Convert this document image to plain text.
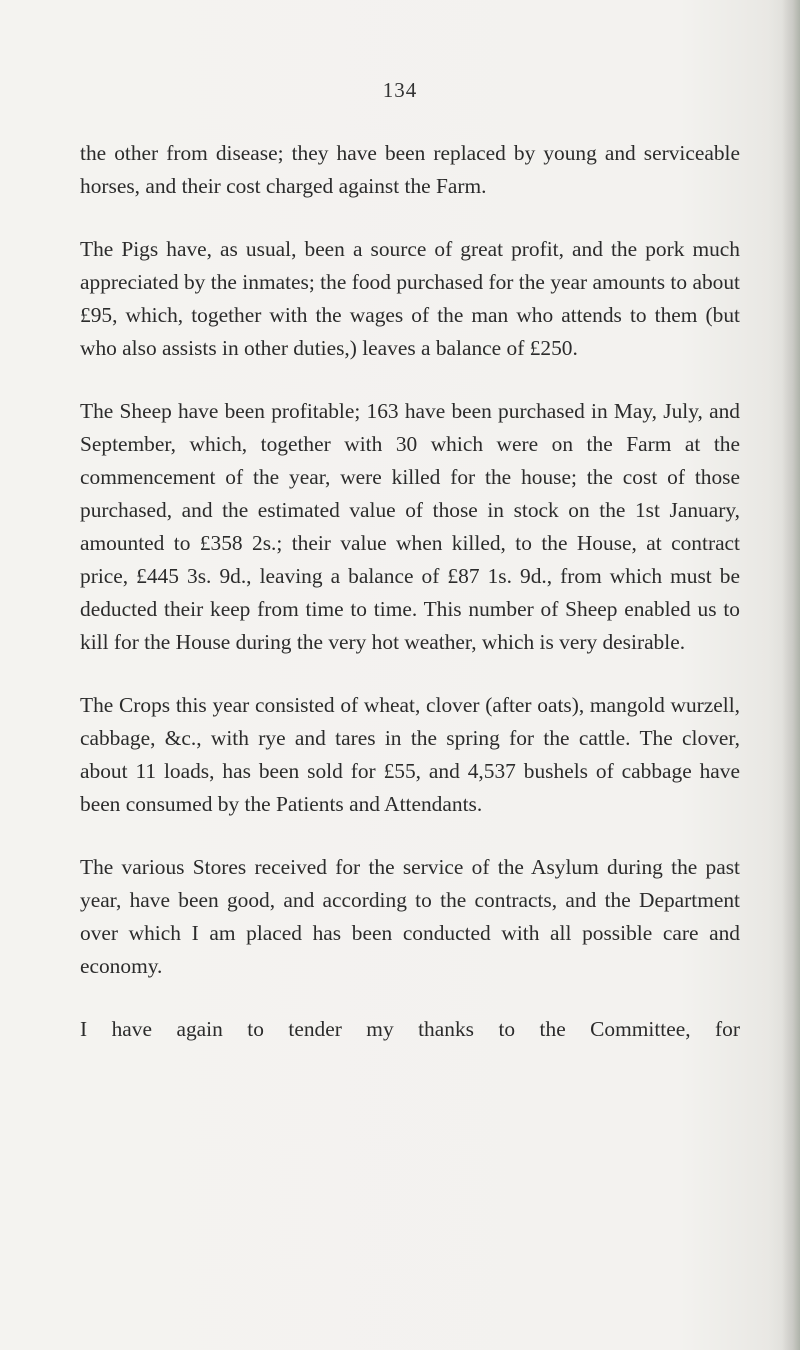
134

the other from disease; they have been replaced by young and serviceable horses, and their cost charged against the Farm.

The Pigs have, as usual, been a source of great profit, and the pork much appreciated by the inmates; the food purchased for the year amounts to about £95, which, together with the wages of the man who attends to them (but who also assists in other duties,) leaves a balance of £250.

The Sheep have been profitable; 163 have been purchased in May, July, and September, which, together with 30 which were on the Farm at the commencement of the year, were killed for the house; the cost of those purchased, and the estimated value of those in stock on the 1st January, amounted to £358 2s.; their value when killed, to the House, at contract price, £445 3s. 9d., leaving a balance of £87 1s. 9d., from which must be deducted their keep from time to time. This number of Sheep enabled us to kill for the House during the very hot weather, which is very desirable.

The Crops this year consisted of wheat, clover (after oats), mangold wurzell, cabbage, &c., with rye and tares in the spring for the cattle. The clover, about 11 loads, has been sold for £55, and 4,537 bushels of cabbage have been consumed by the Patients and Attendants.

The various Stores received for the service of the Asylum during the past year, have been good, and according to the contracts, and the Department over which I am placed has been conducted with all possible care and economy.

I have again to tender my thanks to the Committee, for
